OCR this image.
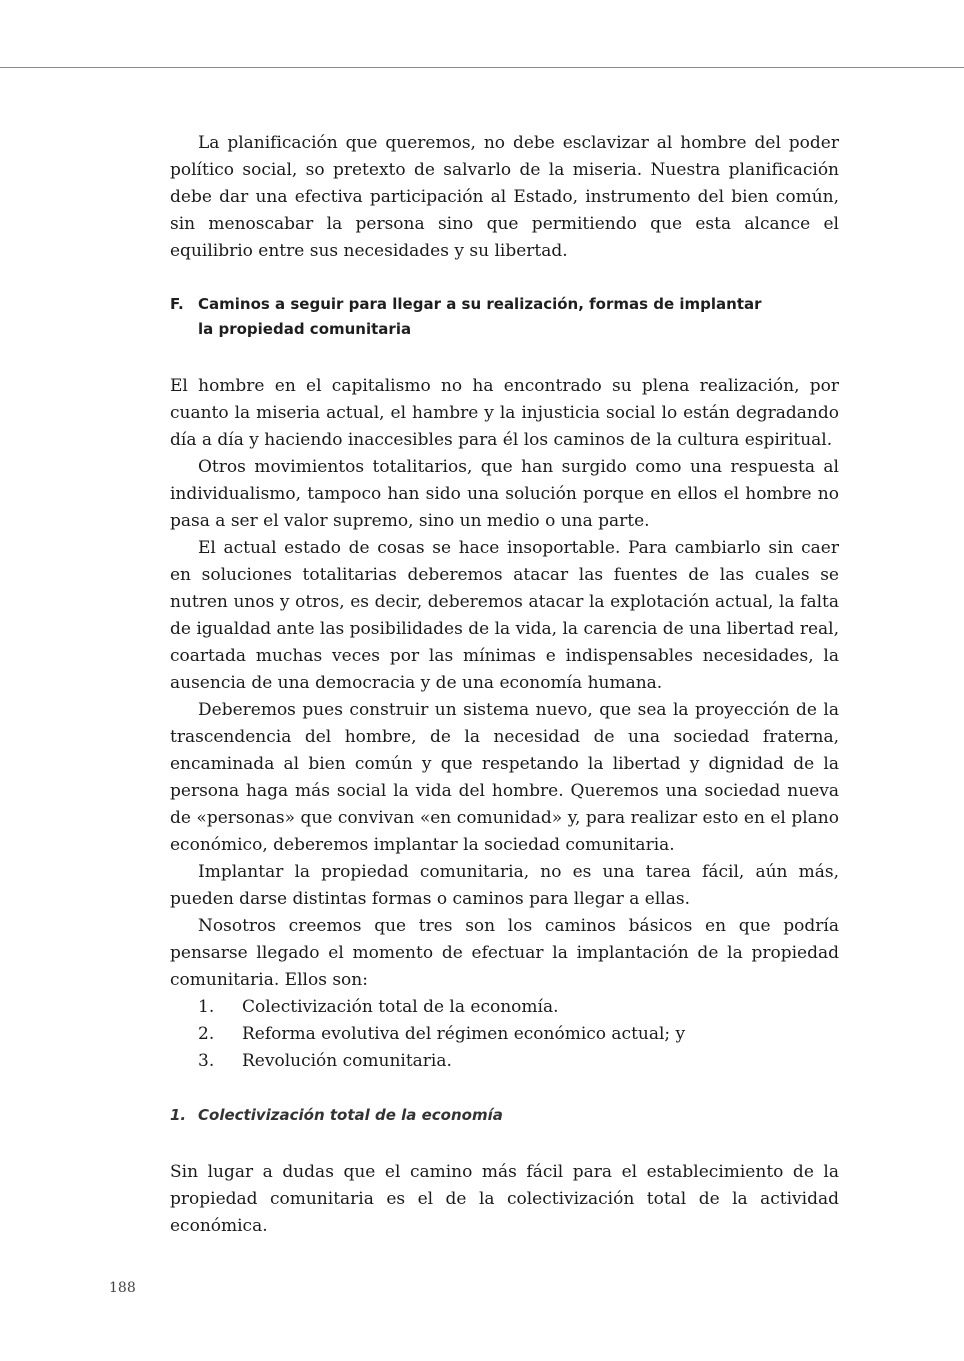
La planificación que queremos, no debe esclavizar al hombre del poder político social, so pretexto de salvarlo de la miseria. Nuestra planificación debe dar una efectiva participación al Estado, instrumento del bien común, sin menoscabar la persona sino que permitiendo que esta alcance el equilibrio entre sus necesidades y su libertad.

F. Caminos a seguir para llegar a su realización, formas de implantar
la propiedad comunitaria

El hombre en el capitalismo no ha encontrado su plena realización, por cuanto la miseria actual, el hambre y la injusticia social lo están degradando día a día y haciendo inaccesibles para él los caminos de la cultura espiritual.

Otros movimientos totalitarios, que han surgido como una respuesta al individualismo, tampoco han sido una solución porque en ellos el hombre no pasa a ser el valor supremo, sino un medio o una parte.

El actual estado de cosas se hace insoportable. Para cambiarlo sin caer en soluciones totalitarias deberemos atacar las fuentes de las cuales se nutren unos y otros, es decir, deberemos atacar la explotación actual, la falta de igualdad ante las posibilidades de la vida, la carencia de una libertad real, coartada muchas veces por las mínimas e indispensables necesidades, la ausencia de una democracia y de una economía humana.

Deberemos pues construir un sistema nuevo, que sea la proyección de la trascendencia del hombre, de la necesidad de una sociedad fraterna, encaminada al bien común y que respetando la libertad y dignidad de la persona haga más social la vida del hombre. Queremos una sociedad nueva de «personas» que convivan «en comunidad» y, para realizar esto en el plano económico, deberemos implantar la sociedad comunitaria.

Implantar la propiedad comunitaria, no es una tarea fácil, aún más, pueden darse distintas formas o caminos para llegar a ellas.

Nosotros creemos que tres son los caminos básicos en que podría pensarse llegado el momento de efectuar la implantación de la propiedad comunitaria. Ellos son:

1. Colectivización total de la economía.
2. Reforma evolutiva del régimen económico actual; y
3. Revolución comunitaria.
1. Colectivización total de la economía

Sin lugar a dudas que el camino más fácil para el establecimiento de la propiedad comunitaria es el de la colectivización total de la actividad económica.

188
